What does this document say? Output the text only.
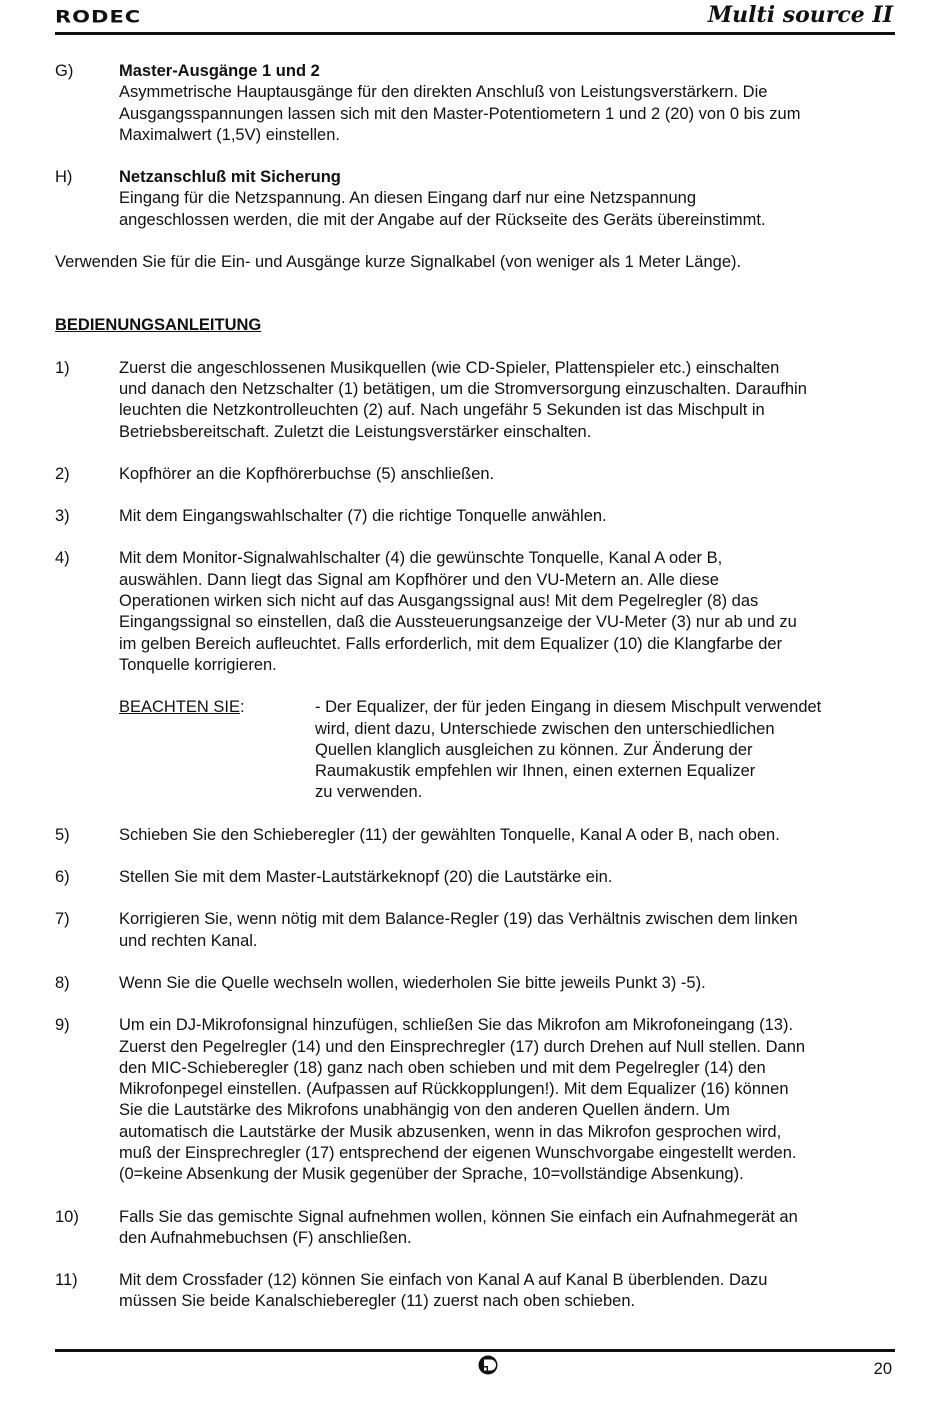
RODEC	Multi source II
G)	Master-Ausgänge 1 und 2
Asymmetrische Hauptausgänge für den direkten Anschluß von Leistungsverstärkern. Die
Ausgangsspannungen lassen sich mit den Master-Potentiometern 1 und 2 (20) von 0 bis zum
Maximalwert (1,5V) einstellen.
H)	Netzanschluß mit Sicherung
Eingang für die Netzspannung. An diesen Eingang darf nur eine Netzspannung
angeschlossen werden, die mit der Angabe auf der Rückseite des Geräts übereinstimmt.
Verwenden Sie für die Ein- und Ausgänge kurze Signalkabel (von weniger als 1 Meter Länge).
BEDIENUNGSANLEITUNG
1)	Zuerst die angeschlossenen Musikquellen (wie CD-Spieler, Plattenspieler etc.) einschalten
und danach den Netzschalter (1) betätigen, um die Stromversorgung einzuschalten. Daraufhin
leuchten die Netzkontrolleuchten (2) auf. Nach ungefähr 5 Sekunden ist das Mischpult in
Betriebsbereitschaft. Zuletzt die Leistungsverstärker einschalten.
2)	Kopfhörer an die Kopfhörerbuchse (5) anschließen.
3)	Mit dem Eingangswahlschalter (7) die richtige Tonquelle anwählen.
4)	Mit dem Monitor-Signalwahlschalter (4) die gewünschte Tonquelle, Kanal A oder B,
auswählen. Dann liegt das Signal am Kopfhörer und den VU-Metern an. Alle diese
Operationen wirken sich nicht auf das Ausgangssignal aus! Mit dem Pegelregler (8) das
Eingangssignal so einstellen, daß die Aussteuerungsanzeige der VU-Meter (3) nur ab und zu
im gelben Bereich aufleuchtet. Falls erforderlich, mit dem Equalizer (10) die Klangfarbe der
Tonquelle korrigieren.
BEACHTEN SIE:	- Der Equalizer, der für jeden Eingang in diesem Mischpult verwendet
wird, dient dazu, Unterschiede zwischen den unterschiedlichen
Quellen klanglich ausgleichen zu können. Zur Änderung der
Raumakustik empfehlen wir Ihnen, einen externen Equalizer
zu verwenden.
5)	Schieben Sie den Schieberegler (11) der gewählten Tonquelle, Kanal A oder B, nach oben.
6)	Stellen Sie mit dem Master-Lautstärkeknopf (20) die Lautstärke ein.
7)	Korrigieren Sie, wenn nötig mit dem Balance-Regler (19) das Verhältnis zwischen dem linken
und rechten Kanal.
8)	Wenn Sie die Quelle wechseln wollen, wiederholen Sie bitte jeweils Punkt 3) -5).
9)	Um ein DJ-Mikrofonsignal hinzufügen, schließen Sie das Mikrofon am Mikrofoneingang (13).
Zuerst den Pegelregler (14) und den Einsprechregler (17) durch Drehen auf Null stellen. Dann
den MIC-Schieberegler (18) ganz nach oben schieben und mit dem Pegelregler (14) den
Mikrofonpegel einstellen. (Aufpassen auf Rückkopplungen!). Mit dem Equalizer (16) können
Sie die Lautstärke des Mikrofons unabhängig von den anderen Quellen ändern. Um
automatisch die Lautstärke der Musik abzusenken, wenn in das Mikrofon gesprochen wird,
muß der Einsprechregler (17) entsprechend der eigenen Wunschvorgabe eingestellt werden.
(0=keine Absenkung der Musik gegenüber der Sprache, 10=vollständige Absenkung).
10)	Falls Sie das gemischte Signal aufnehmen wollen, können Sie einfach ein Aufnahmegerät an
den Aufnahmebuchsen (F) anschließen.
11)	Mit dem Crossfader (12) können Sie einfach von Kanal A auf Kanal B überblenden. Dazu
müssen Sie beide Kanalschieberegler (11) zuerst nach oben schieben.
20
